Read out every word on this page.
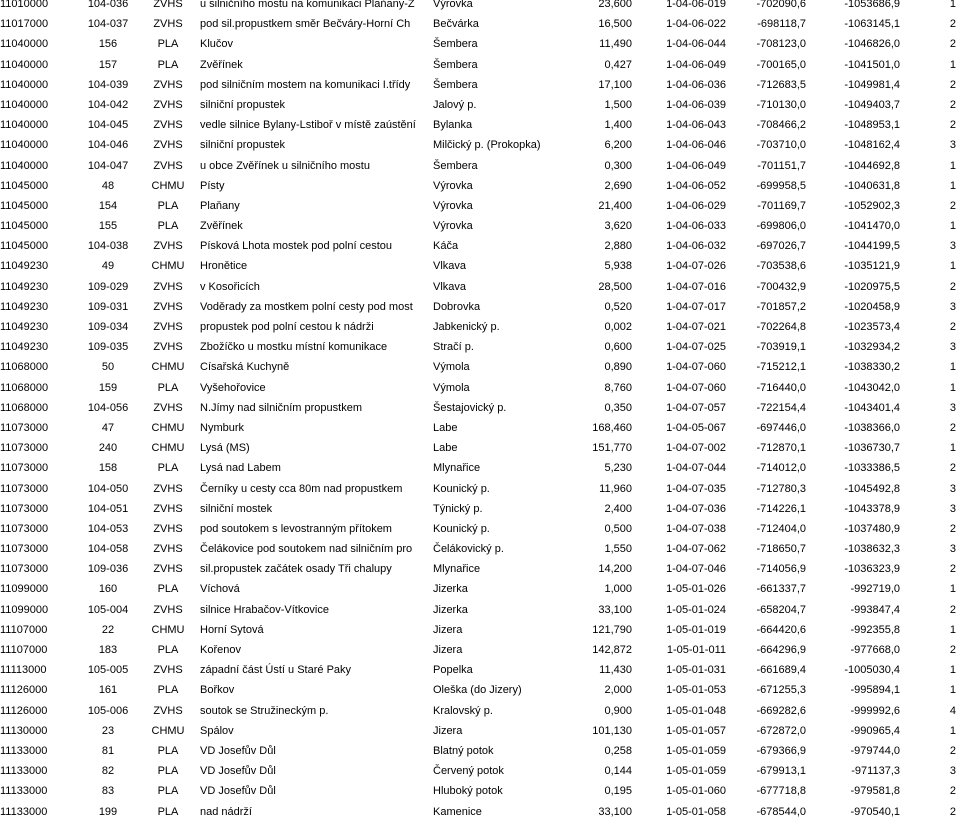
11010000	104-036	ZVHS	u silničního mostu na komunikaci Plaňany-Z	Výrovka	23,600	1-04-06-019	-702090,6	-1053686,9	1
11017000	104-037	ZVHS	pod sil.propustkem směr Bečváry-Horní Ch	Bečvárka	16,500	1-04-06-022	-698118,7	-1063145,1	2
11040000	156	PLA	Klučov	Šembera	11,490	1-04-06-044	-708123,0	-1046826,0	2
11040000	157	PLA	Zvěřínek	Šembera	0,427	1-04-06-049	-700165,0	-1041501,0	1
11040000	104-039	ZVHS	pod silničním mostem na komunikaci I.třídy	Šembera	17,100	1-04-06-036	-712683,5	-1049981,4	2
11040000	104-042	ZVHS	silniční propustek	Jalový p.	1,500	1-04-06-039	-710130,0	-1049403,7	2
11040000	104-045	ZVHS	vedle silnice Bylany-Lstiboř v místě zaústění	Bylanka	1,400	1-04-06-043	-708466,2	-1048953,1	2
11040000	104-046	ZVHS	silniční propustek	Milčický p. (Prokopka)	6,200	1-04-06-046	-703710,0	-1048162,4	3
11040000	104-047	ZVHS	u obce Zvěřínek u silničního mostu	Šembera	0,300	1-04-06-049	-701151,7	-1044692,8	1
11045000	48	CHMU	Písty	Výrovka	2,690	1-04-06-052	-699958,5	-1040631,8	1
11045000	154	PLA	Plaňany	Výrovka	21,400	1-04-06-029	-701169,7	-1052902,3	2
11045000	155	PLA	Zvěřínek	Výrovka	3,620	1-04-06-033	-699806,0	-1041470,0	1
11045000	104-038	ZVHS	Písková Lhota mostek pod polní cestou	Káča	2,880	1-04-06-032	-697026,7	-1044199,5	3
11049230	49	CHMU	Hronětice	Vlkava	5,938	1-04-07-026	-703538,6	-1035121,9	1
11049230	109-029	ZVHS	v Kosořicích	Vlkava	28,500	1-04-07-016	-700432,9	-1020975,5	2
11049230	109-031	ZVHS	Voděrady za mostkem polní cesty pod most	Dobrovka	0,520	1-04-07-017	-701857,2	-1020458,9	3
11049230	109-034	ZVHS	propustek pod polní cestou k nádrži	Jabkenický p.	0,002	1-04-07-021	-702264,8	-1023573,4	2
11049230	109-035	ZVHS	Zbožíčko u mostku místní komunikace	Stračí p.	0,600	1-04-07-025	-703919,1	-1032934,2	3
11068000	50	CHMU	Císařská Kuchyně	Výmola	0,890	1-04-07-060	-715212,1	-1038330,2	1
11068000	159	PLA	Vyšehořovice	Výmola	8,760	1-04-07-060	-716440,0	-1043042,0	1
11068000	104-056	ZVHS	N.Jímy nad silničním propustkem	Šestajovický p.	0,350	1-04-07-057	-722154,4	-1043401,4	3
11073000	47	CHMU	Nymburk	Labe	168,460	1-04-05-067	-697446,0	-1038366,0	2
11073000	240	CHMU	Lysá (MS)	Labe	151,770	1-04-07-002	-712870,1	-1036730,7	1
11073000	158	PLA	Lysá nad Labem	Mlynařice	5,230	1-04-07-044	-714012,0	-1033386,5	2
11073000	104-050	ZVHS	Černíky u cesty cca 80m nad propustkem	Kounický p.	11,960	1-04-07-035	-712780,3	-1045492,8	3
11073000	104-051	ZVHS	silniční mostek	Týnický p.	2,400	1-04-07-036	-714226,1	-1043378,9	3
11073000	104-053	ZVHS	pod soutokem s levostranným přítokem	Kounický p.	0,500	1-04-07-038	-712404,0	-1037480,9	2
11073000	104-058	ZVHS	Čelákovice pod soutokem nad silničním pro	Čelákovický p.	1,550	1-04-07-062	-718650,7	-1038632,3	3
11073000	109-036	ZVHS	sil.propustek začátek osady Tři chalupy	Mlynařice	14,200	1-04-07-046	-714056,9	-1036323,9	2
11099000	160	PLA	Víchová	Jizerka	1,000	1-05-01-026	-661337,7	-992719,0	1
11099000	105-004	ZVHS	silnice Hrabačov-Vítkovice	Jizerka	33,100	1-05-01-024	-658204,7	-993847,4	2
11107000	22	CHMU	Horní Sytová	Jizera	121,790	1-05-01-019	-664420,6	-992355,8	1
11107000	183	PLA	Kořenov	Jizera	142,872	1-05-01-011	-664296,9	-977668,0	2
11113000	105-005	ZVHS	západní část Ústí u Staré Paky	Popelka	11,430	1-05-01-031	-661689,4	-1005030,4	1
11126000	161	PLA	Bořkov	Oleška (do Jizery)	2,000	1-05-01-053	-671255,3	-995894,1	1
11126000	105-006	ZVHS	soutok se Stružineckým p.	Kralovský p.	0,900	1-05-01-048	-669282,6	-999992,6	4
11130000	23	CHMU	Spálov	Jizera	101,130	1-05-01-057	-672872,0	-990965,4	1
11133000	81	PLA	VD Josefův Důl	Blatný potok	0,258	1-05-01-059	-679366,9	-979744,0	2
11133000	82	PLA	VD Josefův Důl	Červený potok	0,144	1-05-01-059	-679913,1	-971137,3	3
11133000	83	PLA	VD Josefův Důl	Hluboký potok	0,195	1-05-01-060	-677718,8	-979581,8	2
11133000	199	PLA	nad nádrží	Kamenice	33,100	1-05-01-058	-678544,0	-970540,1	2
